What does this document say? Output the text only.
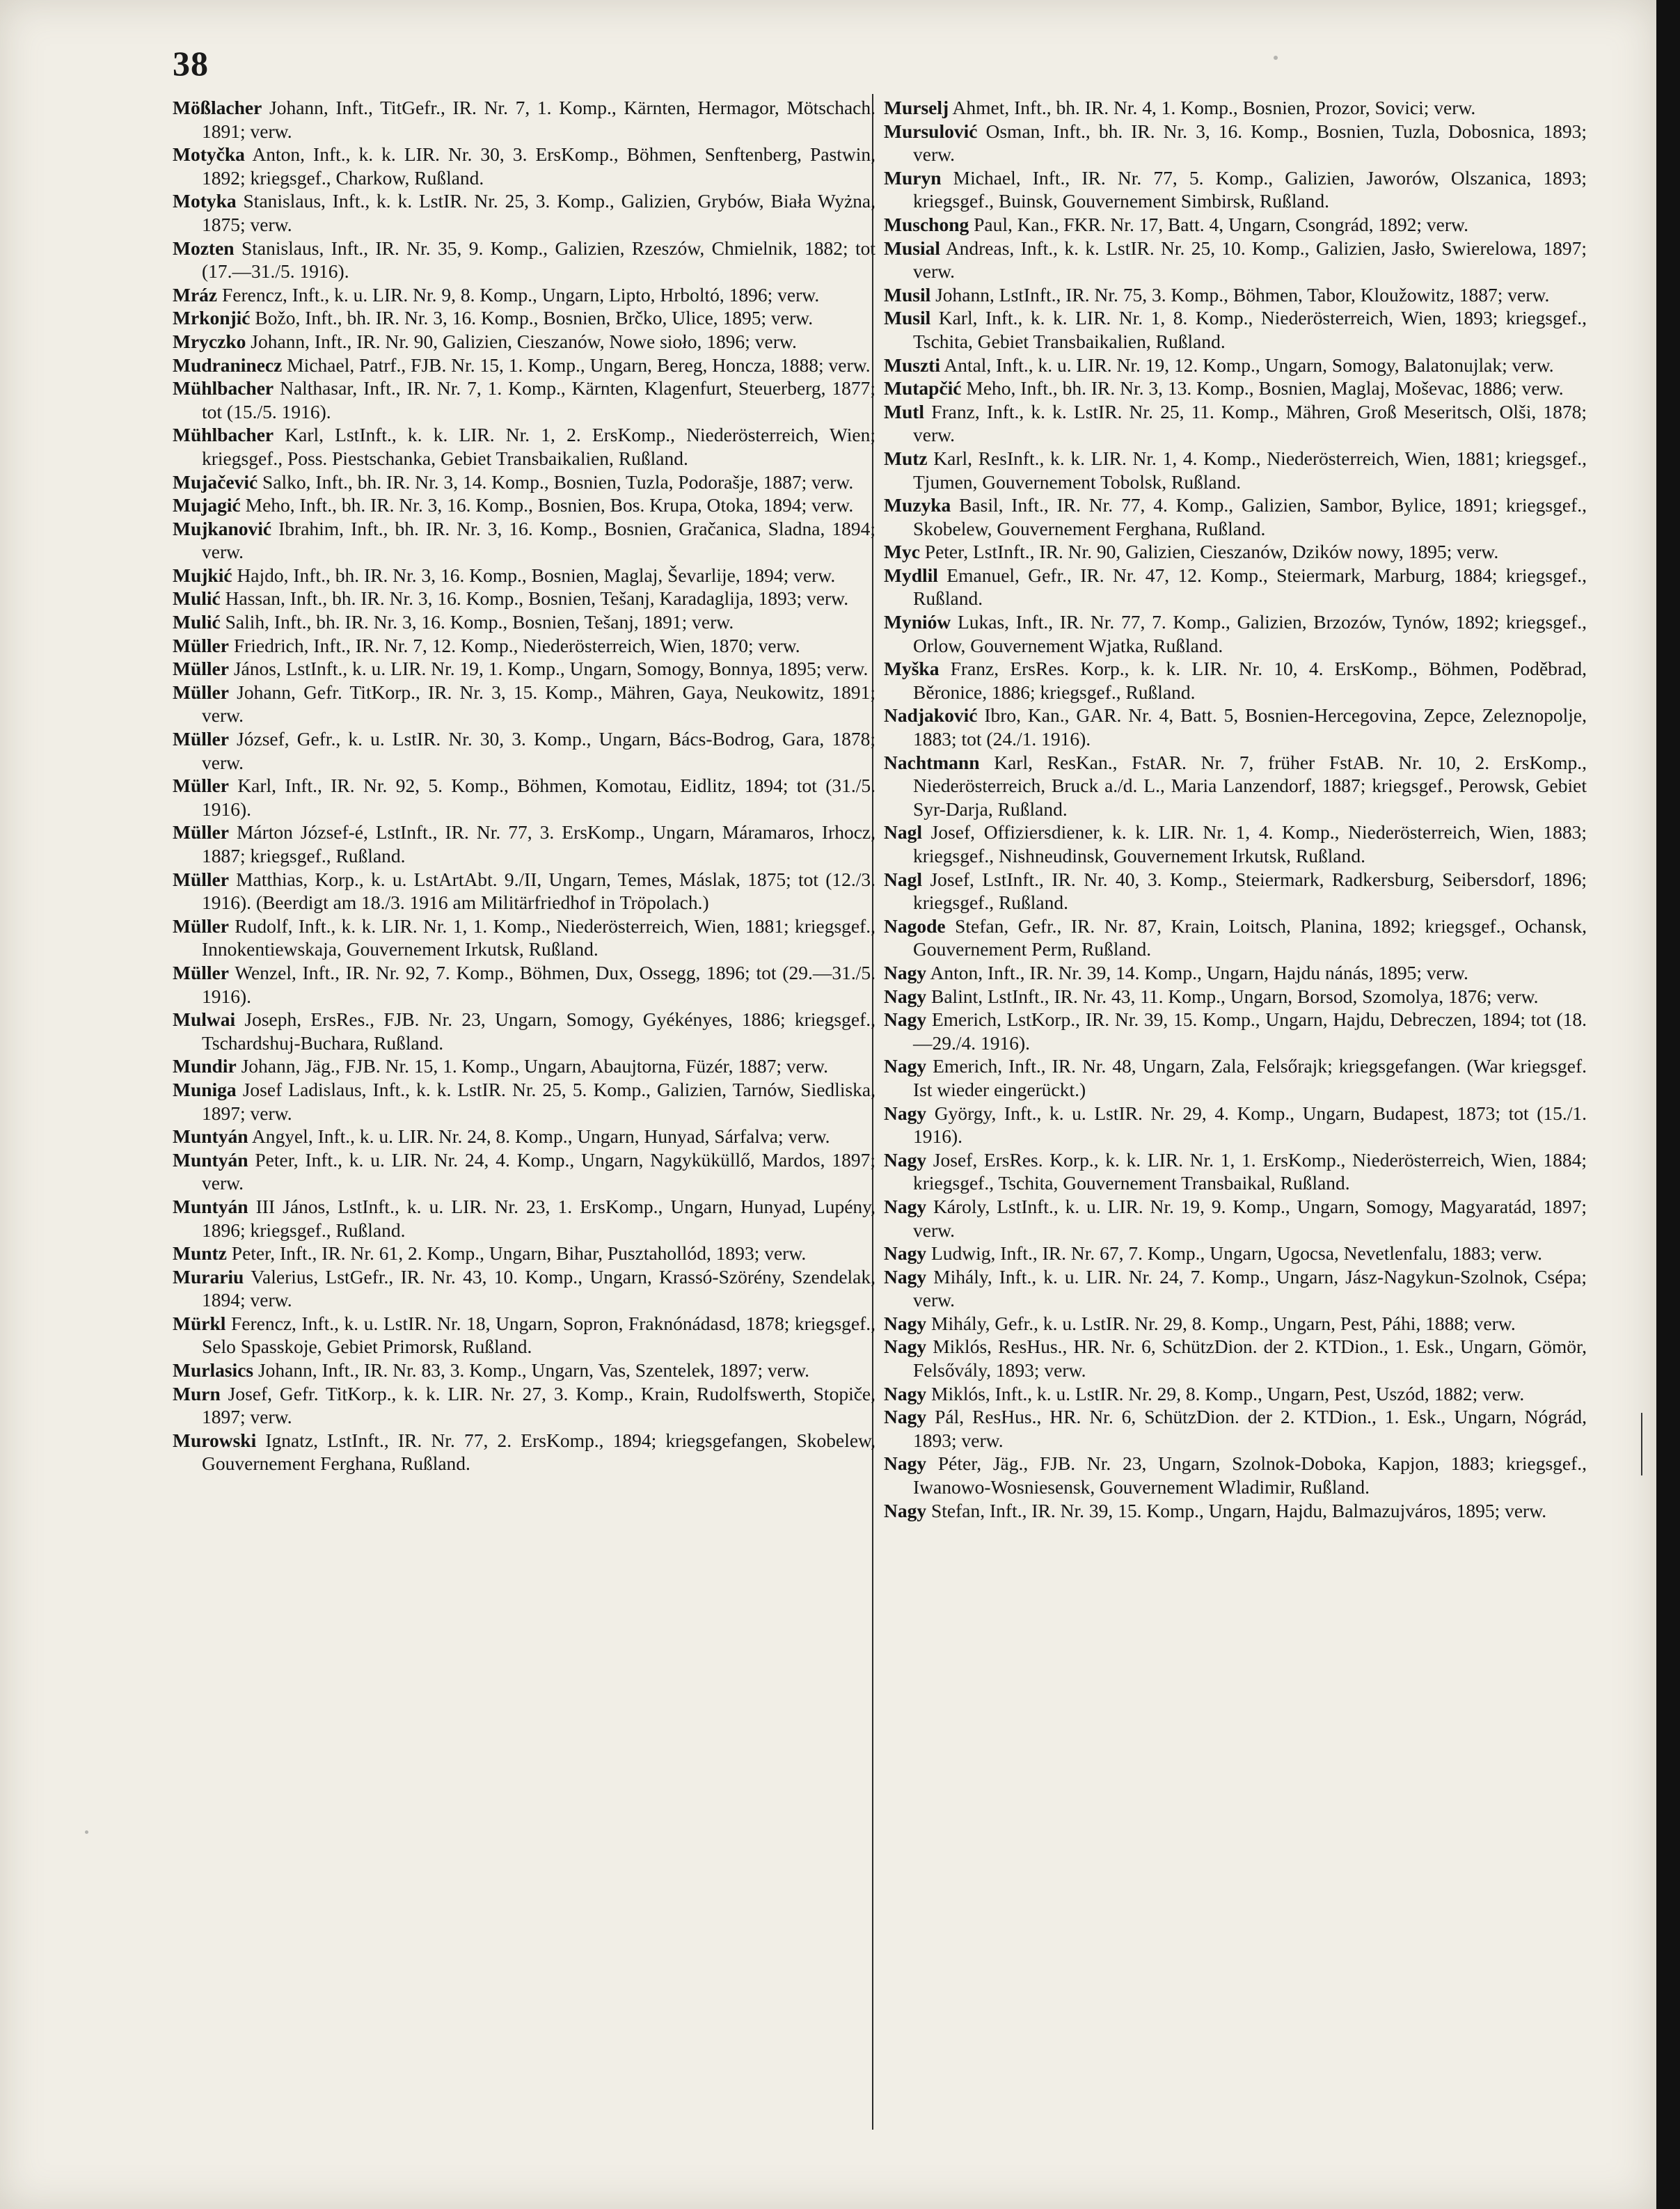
38

Mößlacher Johann, Inft., TitGefr., IR. Nr. 7, 1. Komp., Kärnten, Hermagor, Mötschach. 1891; verw.

Motyčka Anton, Inft., k. k. LIR. Nr. 30, 3. ErsKomp., Böhmen, Senftenberg, Pastwin, 1892; kriegsgef., Charkow, Rußland.

Motyka Stanislaus, Inft., k. k. LstIR. Nr. 25, 3. Komp., Galizien, Grybów, Biała Wyżna, 1875; verw.

Mozten Stanislaus, Inft., IR. Nr. 35, 9. Komp., Galizien, Rzeszów, Chmielnik, 1882; tot (17.—31./5. 1916).

Mráz Ferencz, Inft., k. u. LIR. Nr. 9, 8. Komp., Ungarn, Lipto, Hrboltó, 1896; verw.

Mrkonjić Božo, Inft., bh. IR. Nr. 3, 16. Komp., Bosnien, Brčko, Ulice, 1895; verw.

Mryczko Johann, Inft., IR. Nr. 90, Galizien, Cieszanów, Nowe sioło, 1896; verw.

Mudraninecz Michael, Patrf., FJB. Nr. 15, 1. Komp., Ungarn, Bereg, Honcza, 1888; verw.

Mühlbacher Nalthasar, Inft., IR. Nr. 7, 1. Komp., Kärnten, Klagenfurt, Steuerberg, 1877; tot (15./5. 1916).

Mühlbacher Karl, LstInft., k. k. LIR. Nr. 1, 2. ErsKomp., Niederösterreich, Wien; kriegsgef., Poss. Piestschanka, Gebiet Transbaikalien, Rußland.

Mujačević Salko, Inft., bh. IR. Nr. 3, 14. Komp., Bosnien, Tuzla, Podorašje, 1887; verw.

Mujagić Meho, Inft., bh. IR. Nr. 3, 16. Komp., Bosnien, Bos. Krupa, Otoka, 1894; verw.

Mujkanović Ibrahim, Inft., bh. IR. Nr. 3, 16. Komp., Bosnien, Gračanica, Sladna, 1894; verw.

Mujkić Hajdo, Inft., bh. IR. Nr. 3, 16. Komp., Bosnien, Maglaj, Ševarlije, 1894; verw.

Mulić Hassan, Inft., bh. IR. Nr. 3, 16. Komp., Bosnien, Tešanj, Karadaglija, 1893; verw.

Mulić Salih, Inft., bh. IR. Nr. 3, 16. Komp., Bosnien, Tešanj, 1891; verw.

Müller Friedrich, Inft., IR. Nr. 7, 12. Komp., Niederösterreich, Wien, 1870; verw.

Müller János, LstInft., k. u. LIR. Nr. 19, 1. Komp., Ungarn, Somogy, Bonnya, 1895; verw.

Müller Johann, Gefr. TitKorp., IR. Nr. 3, 15. Komp., Mähren, Gaya, Neukowitz, 1891; verw.

Müller József, Gefr., k. u. LstIR. Nr. 30, 3. Komp., Ungarn, Bács-Bodrog, Gara, 1878; verw.

Müller Karl, Inft., IR. Nr. 92, 5. Komp., Böhmen, Komotau, Eidlitz, 1894; tot (31./5. 1916).

Müller Márton József-é, LstInft., IR. Nr. 77, 3. ErsKomp., Ungarn, Máramaros, Irhocz, 1887; kriegsgef., Rußland.

Müller Matthias, Korp., k. u. LstArtAbt. 9./II, Ungarn, Temes, Máslak, 1875; tot (12./3. 1916). (Beerdigt am 18./3. 1916 am Militärfriedhof in Tröpolach.)

Müller Rudolf, Inft., k. k. LIR. Nr. 1, 1. Komp., Niederösterreich, Wien, 1881; kriegsgef., Innokentiewskaja, Gouvernement Irkutsk, Rußland.

Müller Wenzel, Inft., IR. Nr. 92, 7. Komp., Böhmen, Dux, Ossegg, 1896; tot (29.—31./5. 1916).

Mulwai Joseph, ErsRes., FJB. Nr. 23, Ungarn, Somogy, Gyékényes, 1886; kriegsgef., Tschardshuj-Buchara, Rußland.

Mundir Johann, Jäg., FJB. Nr. 15, 1. Komp., Ungarn, Abaujtorna, Füzér, 1887; verw.

Muniga Josef Ladislaus, Inft., k. k. LstIR. Nr. 25, 5. Komp., Galizien, Tarnów, Siedliska, 1897; verw.

Muntyán Angyel, Inft., k. u. LIR. Nr. 24, 8. Komp., Ungarn, Hunyad, Sárfalva; verw.

Muntyán Peter, Inft., k. u. LIR. Nr. 24, 4. Komp., Ungarn, Nagyküküllő, Mardos, 1897; verw.

Muntyán III János, LstInft., k. u. LIR. Nr. 23, 1. ErsKomp., Ungarn, Hunyad, Lupény, 1896; kriegsgef., Rußland.

Muntz Peter, Inft., IR. Nr. 61, 2. Komp., Ungarn, Bihar, Pusztahollód, 1893; verw.

Murariu Valerius, LstGefr., IR. Nr. 43, 10. Komp., Ungarn, Krassó-Szörény, Szendelak, 1894; verw.

Mürkl Ferencz, Inft., k. u. LstIR. Nr. 18, Ungarn, Sopron, Fraknónádasd, 1878; kriegsgef., Selo Spasskoje, Gebiet Primorsk, Rußland.

Murlasics Johann, Inft., IR. Nr. 83, 3. Komp., Ungarn, Vas, Szentelek, 1897; verw.

Murn Josef, Gefr. TitKorp., k. k. LIR. Nr. 27, 3. Komp., Krain, Rudolfswerth, Stopiče, 1897; verw.

Murowski Ignatz, LstInft., IR. Nr. 77, 2. ErsKomp., 1894; kriegsgefangen, Skobelew, Gouvernement Ferghana, Rußland.

Murselj Ahmet, Inft., bh. IR. Nr. 4, 1. Komp., Bosnien, Prozor, Sovici; verw.

Mursulović Osman, Inft., bh. IR. Nr. 3, 16. Komp., Bosnien, Tuzla, Dobosnica, 1893; verw.

Muryn Michael, Inft., IR. Nr. 77, 5. Komp., Galizien, Jaworów, Olszanica, 1893; kriegsgef., Buinsk, Gouvernement Simbirsk, Rußland.

Muschong Paul, Kan., FKR. Nr. 17, Batt. 4, Ungarn, Csongrád, 1892; verw.

Musial Andreas, Inft., k. k. LstIR. Nr. 25, 10. Komp., Galizien, Jasło, Swierelowa, 1897; verw.

Musil Johann, LstInft., IR. Nr. 75, 3. Komp., Böhmen, Tabor, Kloužowitz, 1887; verw.

Musil Karl, Inft., k. k. LIR. Nr. 1, 8. Komp., Niederösterreich, Wien, 1893; kriegsgef., Tschita, Gebiet Transbaikalien, Rußland.

Muszti Antal, Inft., k. u. LIR. Nr. 19, 12. Komp., Ungarn, Somogy, Balatonujlak; verw.

Mutapčić Meho, Inft., bh. IR. Nr. 3, 13. Komp., Bosnien, Maglaj, Moševac, 1886; verw.

Mutl Franz, Inft., k. k. LstIR. Nr. 25, 11. Komp., Mähren, Groß Meseritsch, Olši, 1878; verw.

Mutz Karl, ResInft., k. k. LIR. Nr. 1, 4. Komp., Niederösterreich, Wien, 1881; kriegsgef., Tjumen, Gouvernement Tobolsk, Rußland.

Muzyka Basil, Inft., IR. Nr. 77, 4. Komp., Galizien, Sambor, Bylice, 1891; kriegsgef., Skobelew, Gouvernement Ferghana, Rußland.

Myc Peter, LstInft., IR. Nr. 90, Galizien, Cieszanów, Dzików nowy, 1895; verw.

Mydlil Emanuel, Gefr., IR. Nr. 47, 12. Komp., Steiermark, Marburg, 1884; kriegsgef., Rußland.

Myniów Lukas, Inft., IR. Nr. 77, 7. Komp., Galizien, Brzozów, Tynów, 1892; kriegsgef., Orlow, Gouvernement Wjatka, Rußland.

Myška Franz, ErsRes. Korp., k. k. LIR. Nr. 10, 4. ErsKomp., Böhmen, Poděbrad, Běronice, 1886; kriegsgef., Rußland.

Nadjaković Ibro, Kan., GAR. Nr. 4, Batt. 5, Bosnien-Hercegovina, Zepce, Zeleznopolje, 1883; tot (24./1. 1916).

Nachtmann Karl, ResKan., FstAR. Nr. 7, früher FstAB. Nr. 10, 2. ErsKomp., Niederösterreich, Bruck a./d. L., Maria Lanzendorf, 1887; kriegsgef., Perowsk, Gebiet Syr-Darja, Rußland.

Nagl Josef, Offiziersdiener, k. k. LIR. Nr. 1, 4. Komp., Niederösterreich, Wien, 1883; kriegsgef., Nishneudinsk, Gouvernement Irkutsk, Rußland.

Nagl Josef, LstInft., IR. Nr. 40, 3. Komp., Steiermark, Radkersburg, Seibersdorf, 1896; kriegsgef., Rußland.

Nagode Stefan, Gefr., IR. Nr. 87, Krain, Loitsch, Planina, 1892; kriegsgef., Ochansk, Gouvernement Perm, Rußland.

Nagy Anton, Inft., IR. Nr. 39, 14. Komp., Ungarn, Hajdu nánás, 1895; verw.

Nagy Balint, LstInft., IR. Nr. 43, 11. Komp., Ungarn, Borsod, Szomolya, 1876; verw.

Nagy Emerich, LstKorp., IR. Nr. 39, 15. Komp., Ungarn, Hajdu, Debreczen, 1894; tot (18.—29./4. 1916).

Nagy Emerich, Inft., IR. Nr. 48, Ungarn, Zala, Felsőrajk; kriegsgefangen. (War kriegsgef. Ist wieder eingerückt.)

Nagy György, Inft., k. u. LstIR. Nr. 29, 4. Komp., Ungarn, Budapest, 1873; tot (15./1. 1916).

Nagy Josef, ErsRes. Korp., k. k. LIR. Nr. 1, 1. ErsKomp., Niederösterreich, Wien, 1884; kriegsgef., Tschita, Gouvernement Transbaikal, Rußland.

Nagy Károly, LstInft., k. u. LIR. Nr. 19, 9. Komp., Ungarn, Somogy, Magyaratád, 1897; verw.

Nagy Ludwig, Inft., IR. Nr. 67, 7. Komp., Ungarn, Ugocsa, Nevetlenfalu, 1883; verw.

Nagy Mihály, Inft., k. u. LIR. Nr. 24, 7. Komp., Ungarn, Jász-Nagykun-Szolnok, Csépa; verw.

Nagy Mihály, Gefr., k. u. LstIR. Nr. 29, 8. Komp., Ungarn, Pest, Páhi, 1888; verw.

Nagy Miklós, ResHus., HR. Nr. 6, SchützDion. der 2. KTDion., 1. Esk., Ungarn, Gömör, Felsővály, 1893; verw.

Nagy Miklós, Inft., k. u. LstIR. Nr. 29, 8. Komp., Ungarn, Pest, Uszód, 1882; verw.

Nagy Pál, ResHus., HR. Nr. 6, SchützDion. der 2. KTDion., 1. Esk., Ungarn, Nógrád, 1893; verw.

Nagy Péter, Jäg., FJB. Nr. 23, Ungarn, Szolnok-Doboka, Kapjon, 1883; kriegsgef., Iwanowo-Wosniesensk, Gouvernement Wladimir, Rußland.

Nagy Stefan, Inft., IR. Nr. 39, 15. Komp., Ungarn, Hajdu, Balmazujváros, 1895; verw.
